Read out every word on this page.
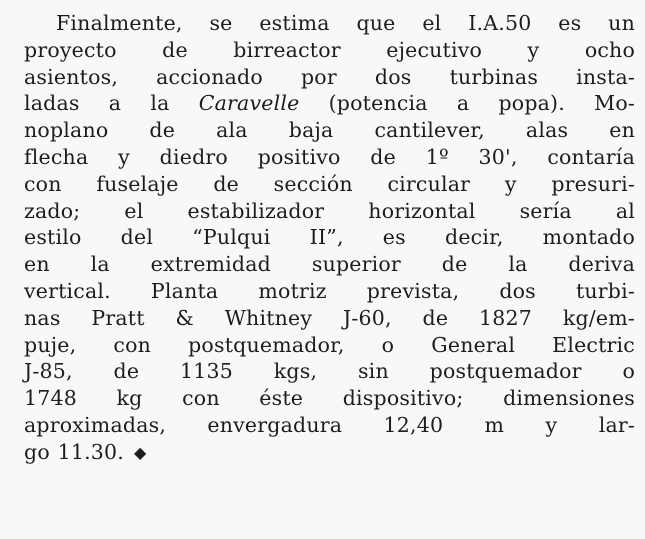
Finalmente, se estima que el I.A.50 es un
proyecto de birreactor ejecutivo y ocho
asientos, accionado por dos turbinas insta-
ladas a la Caravelle (potencia a popa). Mo-
noplano de ala baja cantilever, alas en
flecha y diedro positivo de 1º 30', contaría
con fuselaje de sección circular y presuri-
zado; el estabilizador horizontal sería al
estilo del “Pulqui II”, es decir, montado
en la extremidad superior de la deriva
vertical. Planta motriz prevista, dos turbi-
nas Pratt & Whitney J-60, de 1827 kg/em-
puje, con postquemador, o General Electric
J-85, de 1135 kgs, sin postquemador o
1748 kg con éste dispositivo; dimensiones
aproximadas, envergadura 12,40 m y lar-
go 11.30. ◆
